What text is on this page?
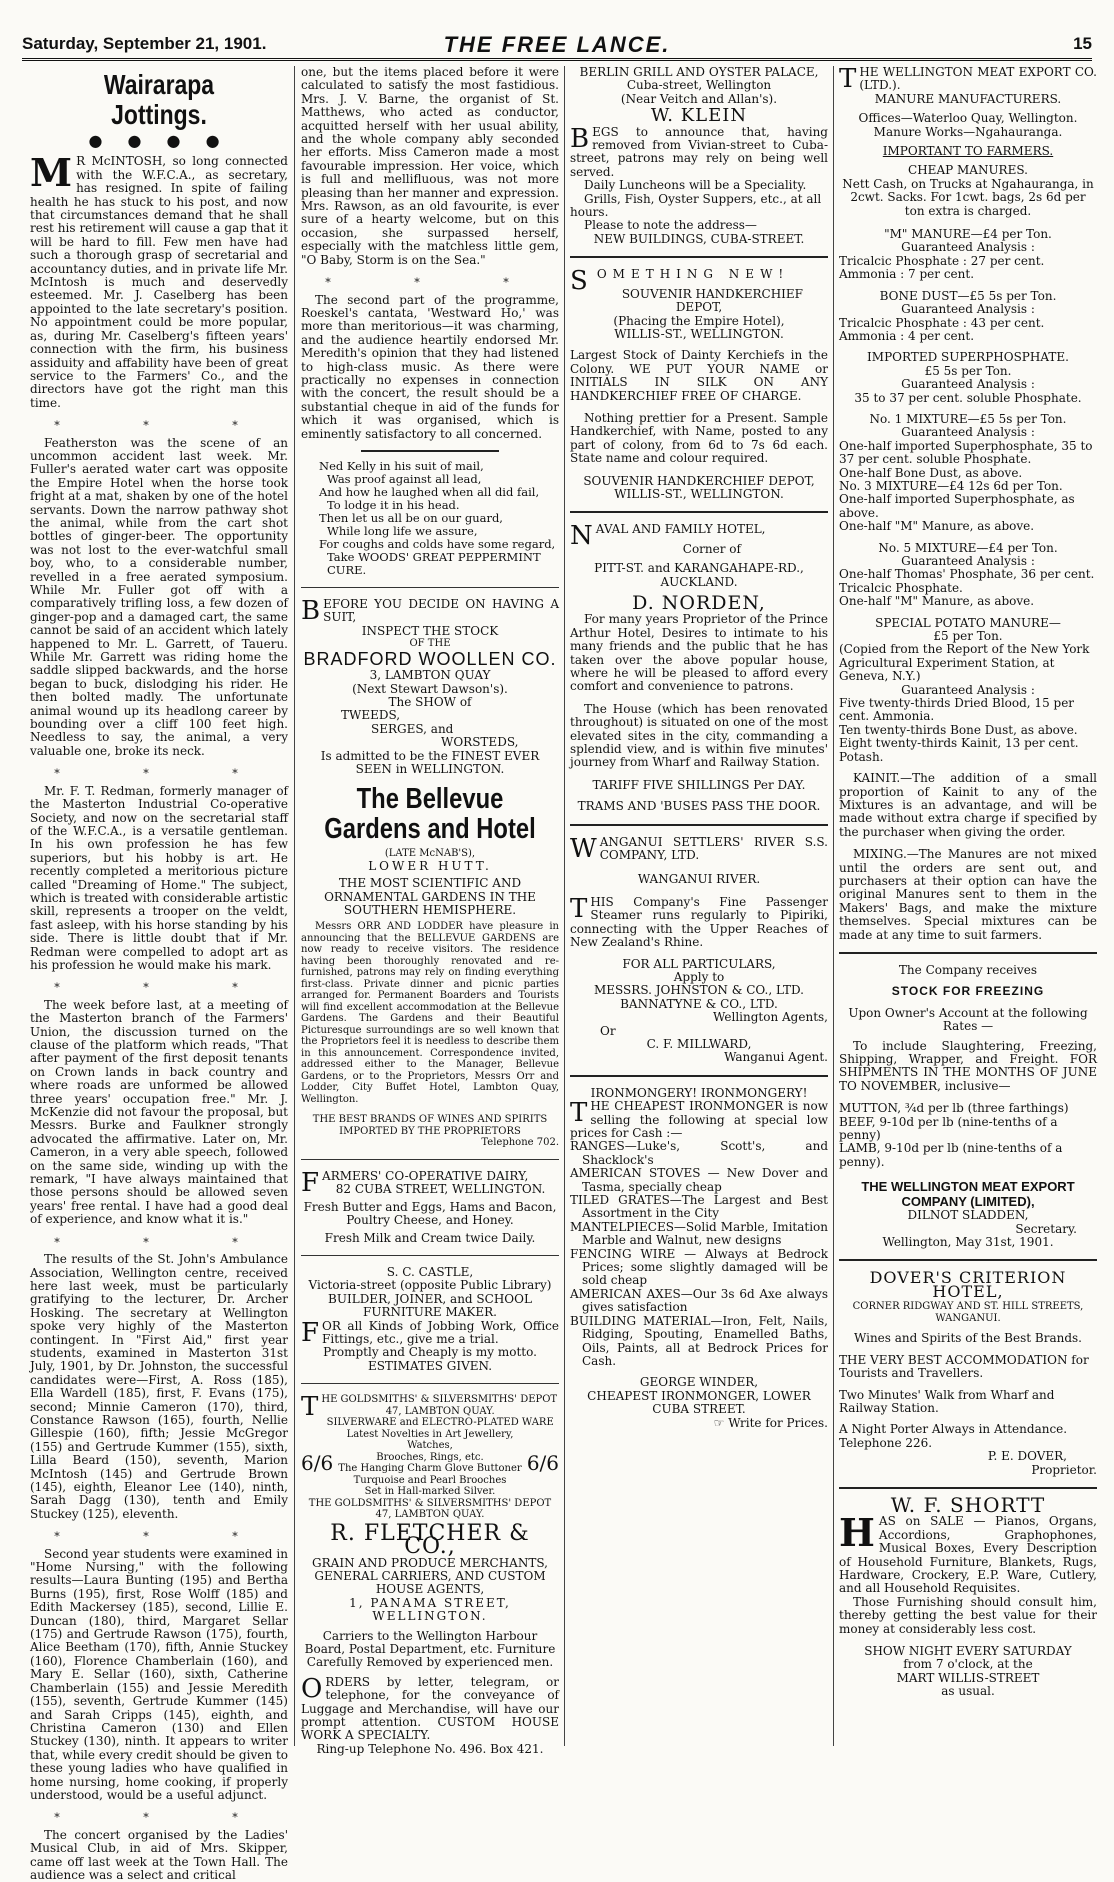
Saturday, September 21, 1901.	THE FREE LANCE.	15
Wairarapa Jottings.
● ● ● ●

M R McINTOSH, so long connected with the W.F.C.A., as secretary, has resigned. In spite of failing health he has stuck to his post, and now that circumstances demand that he shall rest his retirement will cause a gap that it will be hard to fill. Few men have had such a thorough grasp of secretarial and accountancy duties, and in private life Mr. McIntosh is much and deservedly esteemed. Mr. J. Caselberg has been appointed to the late secretary's position. No appointment could be more popular, as, during Mr. Caselberg's fifteen years' connection with the firm, his business assiduity and affability have been of great service to the Farmers' Co., and the directors have got the right man this time.

* * *

Featherston was the scene of an uncommon accident last week. Mr. Fuller's aerated water cart was opposite the Empire Hotel when the horse took fright at a mat, shaken by one of the hotel servants. Down the narrow pathway shot the animal, while from the cart shot bottles of ginger-beer. The opportunity was not lost to the ever-watchful small boy, who, to a considerable number, revelled in a free aerated symposium. While Mr. Fuller got off with a comparatively trifling loss, a few dozen of ginger-pop and a damaged cart, the same cannot be said of an accident which lately happened to Mr. L. Garrett, of Taueru. While Mr. Garrett was riding home the saddle slipped backwards, and the horse began to buck, dislodging his rider. He then bolted madly. The unfortunate animal wound up its headlong career by bounding over a cliff 100 feet high. Needless to say, the animal, a very valuable one, broke its neck.

* * *

Mr. F. T. Redman, formerly manager of the Masterton Industrial Co-operative Society, and now on the secretarial staff of the W.F.C.A., is a versatile gentleman. In his own profession he has few superiors, but his hobby is art. He recently completed a meritorious picture called "Dreaming of Home." The subject, which is treated with considerable artistic skill, represents a trooper on the veldt, fast asleep, with his horse standing by his side. There is little doubt that if Mr. Redman were compelled to adopt art as his profession he would make his mark.

* * *

The week before last, at a meeting of the Masterton branch of the Farmers' Union, the discussion turned on the clause of the platform which reads, "That after payment of the first deposit tenants on Crown lands in back country and where roads are unformed be allowed three years' occupation free." Mr. J. McKenzie did not favour the proposal, but Messrs. Burke and Faulkner strongly advocated the affirmative. Later on, Mr. Cameron, in a very able speech, followed on the same side, winding up with the remark, "I have always maintained that those persons should be allowed seven years' free rental. I have had a good deal of experience, and know what it is."

* * *

The results of the St. John's Ambulance Association, Wellington centre, received here last week, must be particularly gratifying to the lecturer, Dr. Archer Hosking. The secretary at Wellington spoke very highly of the Masterton contingent. In "First Aid," first year students, examined in Masterton 31st July, 1901, by Dr. Johnston, the successful candidates were—First, A. Ross (185), Ella Wardell (185), first, F. Evans (175), second; Minnie Cameron (170), third, Constance Rawson (165), fourth, Nellie Gillespie (160), fifth; Jessie McGregor (155) and Gertrude Kummer (155), sixth, Lilla Beard (150), seventh, Marion McIntosh (145) and Gertrude Brown (145), eighth, Eleanor Lee (140), ninth, Sarah Dagg (130), tenth and Emily Stuckey (125), eleventh.

* * *

Second year students were examined in "Home Nursing," with the following results—Laura Bunting (195) and Bertha Burns (195), first, Rose Wolff (185) and Edith Mackersey (185), second, Lillie E. Duncan (180), third, Margaret Sellar (175) and Gertrude Rawson (175), fourth, Alice Beetham (170), fifth, Annie Stuckey (160), Florence Chamberlain (160), and Mary E. Sellar (160), sixth, Catherine Chamberlain (155) and Jessie Meredith (155), seventh, Gertrude Kummer (145) and Sarah Cripps (145), eighth, and Christina Cameron (130) and Ellen Stuckey (130), ninth. It appears to writer that, while every credit should be given to these young ladies who have qualified in home nursing, home cooking, if properly understood, would be a useful adjunct.

* * *

The concert organised by the Ladies' Musical Club, in aid of Mrs. Skipper, came off last week at the Town Hall. The audience was a select and critical

one, but the items placed before it were calculated to satisfy the most fastidious. Mrs. J. V. Barne, the organist of St. Matthews, who acted as conductor, acquitted herself with her usual ability, and the whole company ably seconded her efforts. Miss Cameron made a most favourable impression. Her voice, which is full and mellifluous, was not more pleasing than her manner and expression. Mrs. Rawson, as an old favourite, is ever sure of a hearty welcome, but on this occasion, she surpassed herself, especially with the matchless little gem, "O Baby, Storm is on the Sea."

* * *

The second part of the programme, Roeskel's cantata, 'Westward Ho,' was more than meritorious—it was charming, and the audience heartily endorsed Mr. Meredith's opinion that they had listened to high-class music. As there were practically no expenses in connection with the concert, the result should be a substantial cheque in aid of the funds for which it was organised, which is eminently satisfactory to all concerned.

Ned Kelly in his suit of mail,
Was proof against all lead,
And how he laughed when all did fail,
To lodge it in his head.
Then let us all be on our guard,
While long life we assure,
For coughs and colds have some regard,
Take WOODS' GREAT PEPPERMINT CURE.

BEFORE YOU DECIDE ON HAVING A SUIT,

INSPECT THE STOCK
OF THE
BRADFORD WOOLLEN CO.
3, LAMBTON QUAY
(Next Stewart Dawson's).
The SHOW of
TWEEDS,
SERGES, and
WORSTEDS,
Is admitted to be the FINEST EVER SEEN in WELLINGTON.
The Bellevue Gardens and Hotel
(LATE McNAB'S),
LOWER HUTT.
THE MOST SCIENTIFIC AND ORNAMENTAL GARDENS IN THE SOUTHERN HEMISPHERE.

Messrs ORR AND LODDER have pleasure in announcing that the BELLEVUE GARDENS are now ready to receive visitors. The residence having been thoroughly renovated and re-furnished, patrons may rely on finding everything first-class. Private dinner and picnic parties arranged for. Permanent Boarders and Tourists will find excellent accommodation at the Bellevue Gardens. The Gardens and their Beautiful Picturesque surroundings are so well known that the Proprietors feel it is needless to describe them in this announcement. Correspondence invited, addressed either to the Manager, Bellevue Gardens, or to the Proprietors, Messrs Orr and Lodder, City Buffet Hotel, Lambton Quay, Wellington.

THE BEST BRANDS OF WINES AND SPIRITS IMPORTED BY THE PROPRIETORS
Telephone 702.

FARMERS' CO-OPERATIVE DAIRY,

82 CUBA STREET, WELLINGTON.
Fresh Butter and Eggs, Hams and Bacon, Poultry Cheese, and Honey.
Fresh Milk and Cream twice Daily.
S. C. CASTLE,
Victoria-street (opposite Public Library)
BUILDER, JOINER, and SCHOOL FURNITURE MAKER.

FOR all Kinds of Jobbing Work, Office Fittings, etc., give me a trial.

Promptly and Cheaply is my motto. ESTIMATES GIVEN.

THE GOLDSMITHS' & SILVERSMITHS' DEPOT

47, LAMBTON QUAY.
SILVERWARE and ELECTRO-PLATED WARE
6/6
Latest Novelties in Art Jewellery, Watches,
Brooches, Rings, etc.
The Hanging Charm Glove Buttoner
Turquoise and Pearl Brooches
Set in Hall-marked Silver.
6/6
THE GOLDSMITHS' & SILVERSMITHS' DEPOT
47, LAMBTON QUAY.
R. FLETCHER & CO.,
GRAIN AND PRODUCE MERCHANTS, GENERAL CARRIERS, AND CUSTOM HOUSE AGENTS,
1, PANAMA STREET, WELLINGTON.
Carriers to the Wellington Harbour Board, Postal Department, etc. Furniture Carefully Removed by experienced men.

ORDERS by letter, telegram, or telephone, for the conveyance of Luggage and Merchandise, will have our prompt attention. CUSTOM HOUSE WORK A SPECIALTY.

Ring-up Telephone No. 496. Box 421.
BERLIN GRILL AND OYSTER PALACE,
Cuba-street, Wellington
(Near Veitch and Allan's).
W. KLEIN

BEGS to announce that, having removed from Vivian-street to Cuba-street, patrons may rely on being well served.

Daily Luncheons will be a Speciality.
Grills, Fish, Oyster Suppers, etc., at all hours.
Please to note the address—
NEW BUILDINGS, CUBA-STREET.

SOMETHING NEW!

SOUVENIR HANDKERCHIEF DEPOT,
(Phacing the Empire Hotel),
WILLIS-ST., WELLINGTON.

Largest Stock of Dainty Kerchiefs in the Colony. WE PUT YOUR NAME or INITIALS IN SILK ON ANY HANDKERCHIEF FREE OF CHARGE.

Nothing prettier for a Present. Sample Handkerchief, with Name, posted to any part of colony, from 6d to 7s 6d each. State name and colour required.

SOUVENIR HANDKERCHIEF DEPOT,
WILLIS-ST., WELLINGTON.

NAVAL AND FAMILY HOTEL,

Corner of
PITT-ST. and KARANGAHAPE-RD., AUCKLAND.
D. NORDEN,

For many years Proprietor of the Prince Arthur Hotel, Desires to intimate to his many friends and the public that he has taken over the above popular house, where he will be pleased to afford every comfort and convenience to patrons.

The House (which has been renovated throughout) is situated on one of the most elevated sites in the city, commanding a splendid view, and is within five minutes' journey from Wharf and Railway Station.

TARIFF FIVE SHILLINGS Per DAY.
TRAMS AND 'BUSES PASS THE DOOR.

WANGANUI SETTLERS' RIVER S.S. COMPANY, LTD.

WANGANUI RIVER.

THIS Company's Fine Passenger Steamer runs regularly to Pipiriki, connecting with the Upper Reaches of New Zealand's Rhine.

FOR ALL PARTICULARS,
Apply to
MESSRS. JOHNSTON & CO., LTD.
BANNATYNE & CO., LTD.
Wellington Agents,
Or
C. F. MILLWARD,
Wanganui Agent.
IRONMONGERY! IRONMONGERY!

THE CHEAPEST IRONMONGER is now selling the following at special low prices for Cash :—

RANGES—Luke's, Scott's, and Shacklock's

AMERICAN STOVES — New Dover and Tasma, specially cheap

TILED GRATES—The Largest and Best Assortment in the City

MANTELPIECES—Solid Marble, Imitation Marble and Walnut, new designs

FENCING WIRE — Always at Bedrock Prices; some slightly damaged will be sold cheap

AMERICAN AXES—Our 3s 6d Axe always gives satisfaction

BUILDING MATERIAL—Iron, Felt, Nails, Ridging, Spouting, Enamelled Baths, Oils, Paints, all at Bedrock Prices for Cash.

GEORGE WINDER,
CHEAPEST IRONMONGER, LOWER CUBA STREET.
☞ Write for Prices.

THE WELLINGTON MEAT EXPORT CO. (LTD.).

MANURE MANUFACTURERS.
Offices—Waterloo Quay, Wellington. Manure Works—Ngahauranga.
IMPORTANT TO FARMERS.
CHEAP MANURES.
Nett Cash, on Trucks at Ngahauranga, in 2cwt. Sacks. For 1cwt. bags, 2s 6d per ton extra is charged.
"M" MANURE—£4 per Ton.
Guaranteed Analysis :
Tricalcic Phosphate : 27 per cent.
Ammonia : 7 per cent.
BONE DUST—£5 5s per Ton.
Guaranteed Analysis :
Tricalcic Phosphate : 43 per cent.
Ammonia : 4 per cent.
IMPORTED SUPERPHOSPHATE.
£5 5s per Ton.
Guaranteed Analysis :
35 to 37 per cent. soluble Phosphate.
No. 1 MIXTURE—£5 5s per Ton.
Guaranteed Analysis :
One-half imported Superphosphate, 35 to 37 per cent. soluble Phosphate.
One-half Bone Dust, as above.
No. 3 MIXTURE—£4 12s 6d per Ton.
One-half imported Superphosphate, as above.
One-half "M" Manure, as above.
No. 5 MIXTURE—£4 per Ton.
Guaranteed Analysis :
One-half Thomas' Phosphate, 36 per cent. Tricalcic Phosphate.
One-half "M" Manure, as above.
SPECIAL POTATO MANURE—
£5 per Ton.
(Copied from the Report of the New York Agricultural Experiment Station, at Geneva, N.Y.)
Guaranteed Analysis :
Five twenty-thirds Dried Blood, 15 per cent. Ammonia.
Ten twenty-thirds Bone Dust, as above.
Eight twenty-thirds Kainit, 13 per cent. Potash.

KAINIT.—The addition of a small proportion of Kainit to any of the Mixtures is an advantage, and will be made without extra charge if specified by the purchaser when giving the order.

MIXING.—The Manures are not mixed until the orders are sent out, and purchasers at their option can have the original Manures sent to them in the Makers' Bags, and make the mixture themselves. Special mixtures can be made at any time to suit farmers.

The Company receives
STOCK FOR FREEZING
Upon Owner's Account at the following Rates —

To include Slaughtering, Freezing, Shipping, Wrapper, and Freight. FOR SHIPMENTS IN THE MONTHS OF JUNE TO NOVEMBER, inclusive—

MUTTON, ¾d per lb (three farthings)
BEEF, 9-10d per lb (nine-tenths of a penny)
LAMB, 9-10d per lb (nine-tenths of a penny).
THE WELLINGTON MEAT EXPORT COMPANY (LIMITED),
DILNOT SLADDEN,
Secretary.
Wellington, May 31st, 1901.
DOVER'S CRITERION HOTEL,
CORNER RIDGWAY AND ST. HILL STREETS, WANGANUI.
Wines and Spirits of the Best Brands.
THE VERY BEST ACCOMMODATION for Tourists and Travellers.
Two Minutes' Walk from Wharf and Railway Station.
A Night Porter Always in Attendance. Telephone 226.
P. E. DOVER,
Proprietor.
W. F. SHORTT

HAS on SALE — Pianos, Organs, Accordions, Graphophones, Musical Boxes, Every Description of Household Furniture, Blankets, Rugs, Hardware, Crockery, E.P. Ware, Cutlery, and all Household Requisites.

Those Furnishing should consult him, thereby getting the best value for their money at considerably less cost.

SHOW NIGHT EVERY SATURDAY
from 7 o'clock, at the
MART WILLIS-STREET
as usual.
